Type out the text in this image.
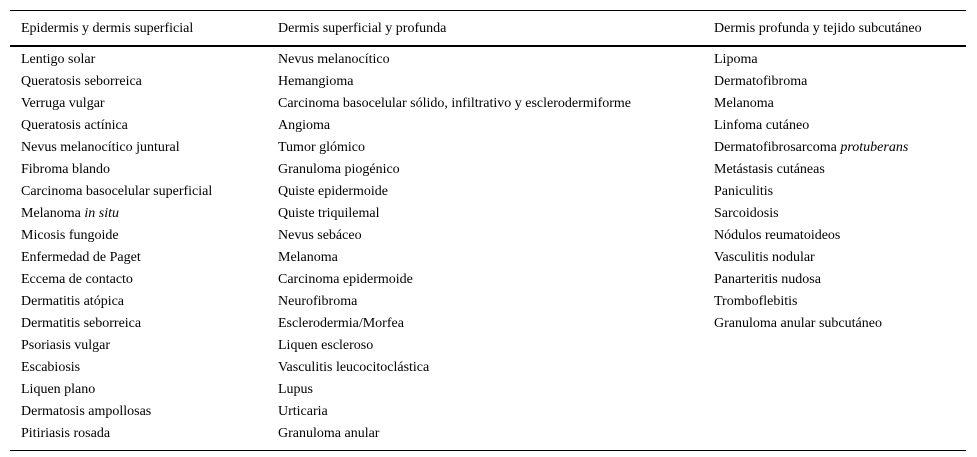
Epidermis y dermis superficial	Dermis superficial y profunda	Dermis profunda y tejido subcutáneo
Lentigo solar	Nevus melanocítico	Lipoma
Queratosis seborreica	Hemangioma	Dermatofibroma
Verruga vulgar	Carcinoma basocelular sólido, infiltrativo y esclerodermiforme	Melanoma
Queratosis actínica	Angioma	Linfoma cutáneo
Nevus melanocítico juntural	Tumor glómico	Dermatofibrosarcoma protuberans
Fibroma blando	Granuloma piogénico	Metástasis cutáneas
Carcinoma basocelular superficial	Quiste epidermoide	Paniculitis
Melanoma in situ	Quiste triquilemal	Sarcoidosis
Micosis fungoide	Nevus sebáceo	Nódulos reumatoideos
Enfermedad de Paget	Melanoma	Vasculitis nodular
Eccema de contacto	Carcinoma epidermoide	Panarteritis nudosa
Dermatitis atópica	Neurofibroma	Tromboflebitis
Dermatitis seborreica	Esclerodermia/Morfea	Granuloma anular subcutáneo
Psoriasis vulgar	Liquen escleroso	
Escabiosis	Vasculitis leucocitoclástica	
Liquen plano	Lupus	
Dermatosis ampollosas	Urticaria	
Pitiriasis rosada	Granuloma anular	
